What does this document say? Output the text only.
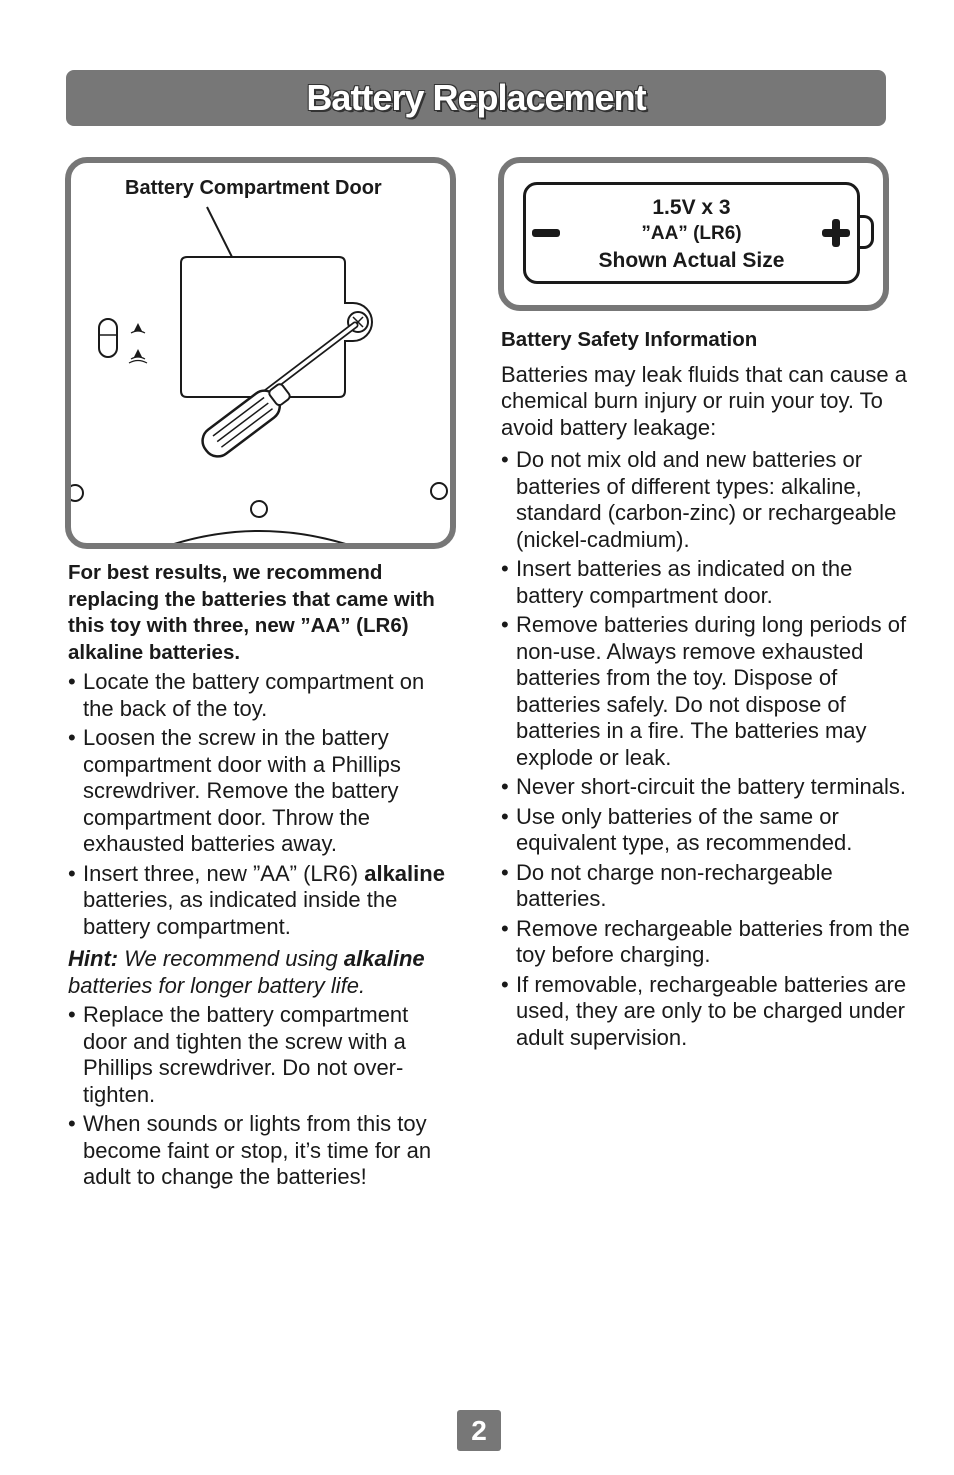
Battery Replacement
Battery Compartment Door
1.5V x 3
”AA” (LR6)
Shown Actual Size

For best results, we recommend replacing the batteries that came with this toy with three, new ”AA” (LR6) alkaline batteries.

• Locate the battery compartment on the back of the toy.
• Loosen the screw in the battery compartment door with a Phillips screwdriver. Remove the battery compartment door. Throw the exhausted batteries away.
• Insert three, new ”AA” (LR6) alkaline batteries, as indicated inside the battery compartment.

Hint: We recommend using alkaline batteries for longer battery life.

• Replace the battery compartment door and tighten the screw with a Phillips screwdriver. Do not over-tighten.
• When sounds or lights from this toy become faint or stop, it’s time for an adult to change the batteries!

Battery Safety Information

Batteries may leak fluids that can cause a chemical burn injury or ruin your toy. To avoid battery leakage:

• Do not mix old and new batteries or batteries of different types: alkaline, standard (carbon-zinc) or rechargeable (nickel-cadmium).
• Insert batteries as indicated on the battery compartment door.
• Remove batteries during long periods of non-use. Always remove exhausted batteries from the toy. Dispose of batteries safely. Do not dispose of batteries in a fire. The batteries may explode or leak.
• Never short-circuit the battery terminals.
• Use only batteries of the same or equivalent type, as recommended.
• Do not charge non-rechargeable batteries.
• Remove rechargeable batteries from the toy before charging.
• If removable, rechargeable batteries are used, they are only to be charged under adult supervision.
2
